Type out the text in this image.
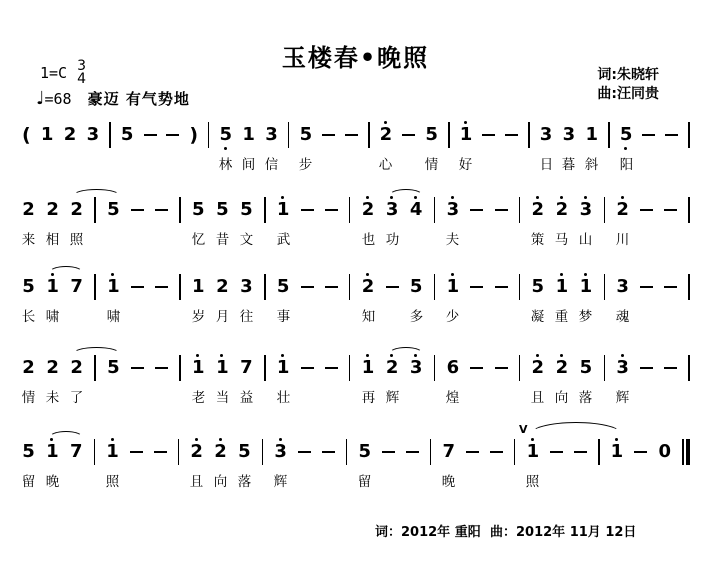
玉楼春•晚照
1=C 3
4
♩ =68 豪迈 有气势地
词:朱晓轩
曲:汪同贵
( 1 2 3 5	) 5 1 3 5	2 5 1	3 3 1 5
林 间 信 步	心 情 好	日 暮 斜 阳
2 2 2 5	5 5 5 1	2 3 4 3	2 2 3 2
来 相 照	忆 昔 文 武	也 功	夫	策 马 山 川
5 1 7 1	1 2 3 5	2 5 1	5 1 1 3
长 啸	啸	岁 月 往 事	知	多 少	凝 重 梦 魂
2 2 2 5	1 1 7 1	1 2 3 6	2 2 5 3
情 未 了	老 当 益 壮	再 辉	煌	且 向 落 辉
5 1 7 1	2 2 5 3	5	7	1	1 0
V
留 晚	照	且 向 落 辉	留	晚	照
词：2012年 重阳 曲：2012年 11月 12日
